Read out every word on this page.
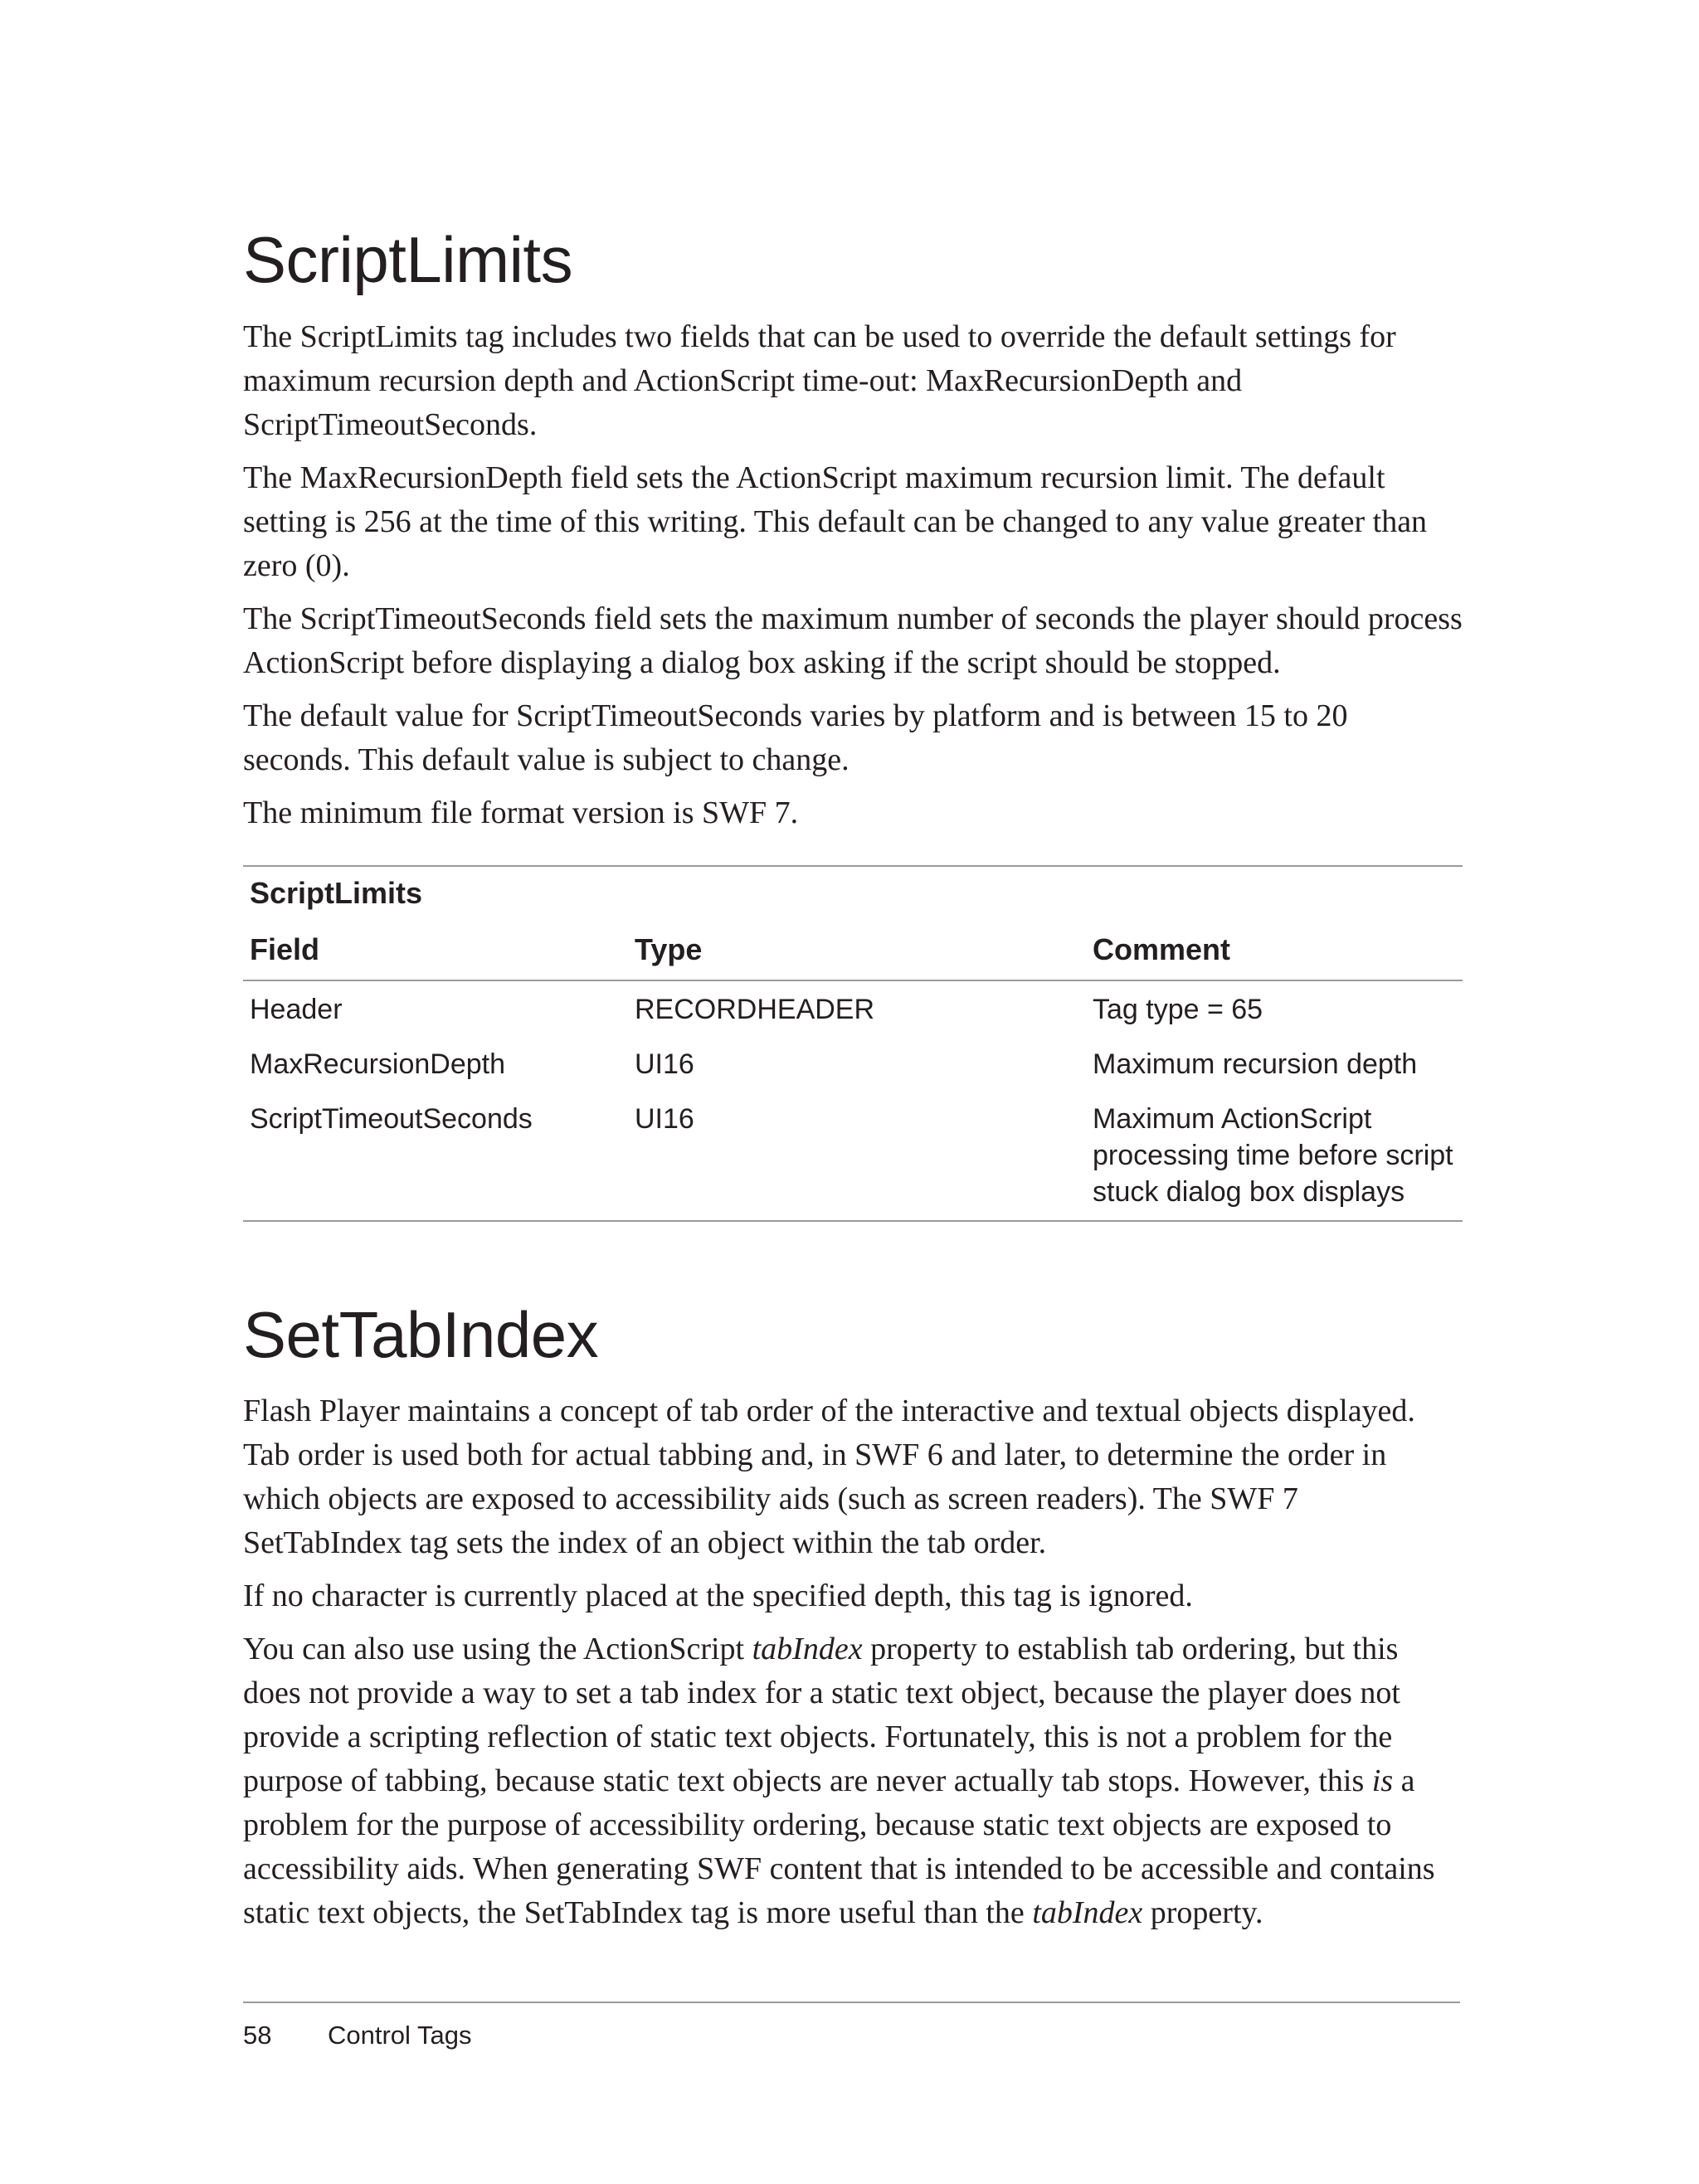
ScriptLimits

The ScriptLimits tag includes two fields that can be used to override the default settings for maximum recursion depth and ActionScript time-out: MaxRecursionDepth and ScriptTimeoutSeconds.

The MaxRecursionDepth field sets the ActionScript maximum recursion limit. The default setting is 256 at the time of this writing. This default can be changed to any value greater than zero (0).

The ScriptTimeoutSeconds field sets the maximum number of seconds the player should process ActionScript before displaying a dialog box asking if the script should be stopped.

The default value for ScriptTimeoutSeconds varies by platform and is between 15 to 20 seconds. This default value is subject to change.

The minimum file format version is SWF 7.

ScriptLimits
Field	Type	Comment
Header	RECORDHEADER	Tag type = 65
MaxRecursionDepth	UI16	Maximum recursion depth
ScriptTimeoutSeconds	UI16	Maximum ActionScript processing time before script stuck dialog box displays
SetTabIndex

Flash Player maintains a concept of tab order of the interactive and textual objects displayed. Tab order is used both for actual tabbing and, in SWF 6 and later, to determine the order in which objects are exposed to accessibility aids (such as screen readers). The SWF 7 SetTabIndex tag sets the index of an object within the tab order.

If no character is currently placed at the specified depth, this tag is ignored.

You can also use using the ActionScript tabIndex property to establish tab ordering, but this does not provide a way to set a tab index for a static text object, because the player does not provide a scripting reflection of static text objects. Fortunately, this is not a problem for the purpose of tabbing, because static text objects are never actually tab stops. However, this is a problem for the purpose of accessibility ordering, because static text objects are exposed to accessibility aids. When generating SWF content that is intended to be accessible and contains static text objects, the SetTabIndex tag is more useful than the tabIndex property.

58 Control Tags
